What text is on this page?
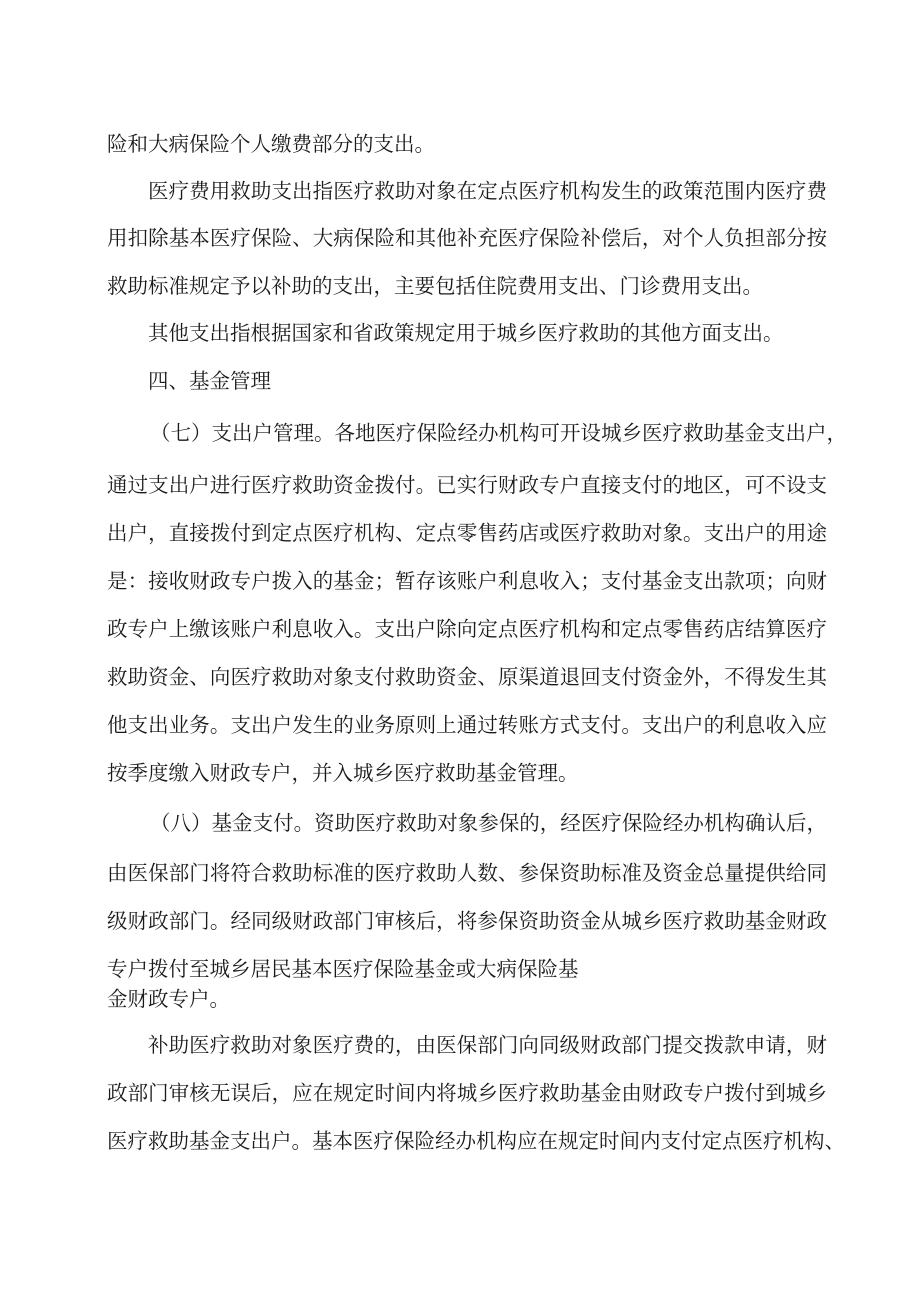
险和大病保险个人缴费部分的支出。

医疗费用救助支出指医疗救助对象在定点医疗机构发生的政策范围内医疗费

用扣除基本医疗保险、大病保险和其他补充医疗保险补偿后，对个人负担部分按

救助标准规定予以补助的支出，主要包括住院费用支出、门诊费用支出。

其他支出指根据国家和省政策规定用于城乡医疗救助的其他方面支出。

四、基金管理

（七）支出户管理。各地医疗保险经办机构可开设城乡医疗救助基金支出户，

通过支出户进行医疗救助资金拨付。已实行财政专户直接支付的地区，可不设支

出户，直接拨付到定点医疗机构、定点零售药店或医疗救助对象。支出户的用途

是：接收财政专户拨入的基金；暂存该账户利息收入；支付基金支出款项；向财

政专户上缴该账户利息收入。支出户除向定点医疗机构和定点零售药店结算医疗

救助资金、向医疗救助对象支付救助资金、原渠道退回支付资金外，不得发生其

他支出业务。支出户发生的业务原则上通过转账方式支付。支出户的利息收入应

按季度缴入财政专户，并入城乡医疗救助基金管理。

（八）基金支付。资助医疗救助对象参保的，经医疗保险经办机构确认后，

由医保部门将符合救助标准的医疗救助人数、参保资助标准及资金总量提供给同

级财政部门。经同级财政部门审核后，将参保资助资金从城乡医疗救助基金财政

专户拨付至城乡居民基本医疗保险基金或大病保险基

金财政专户。

补助医疗救助对象医疗费的，由医保部门向同级财政部门提交拨款申请，财

政部门审核无误后，应在规定时间内将城乡医疗救助基金由财政专户拨付到城乡

医疗救助基金支出户。基本医疗保险经办机构应在规定时间内支付定点医疗机构、
